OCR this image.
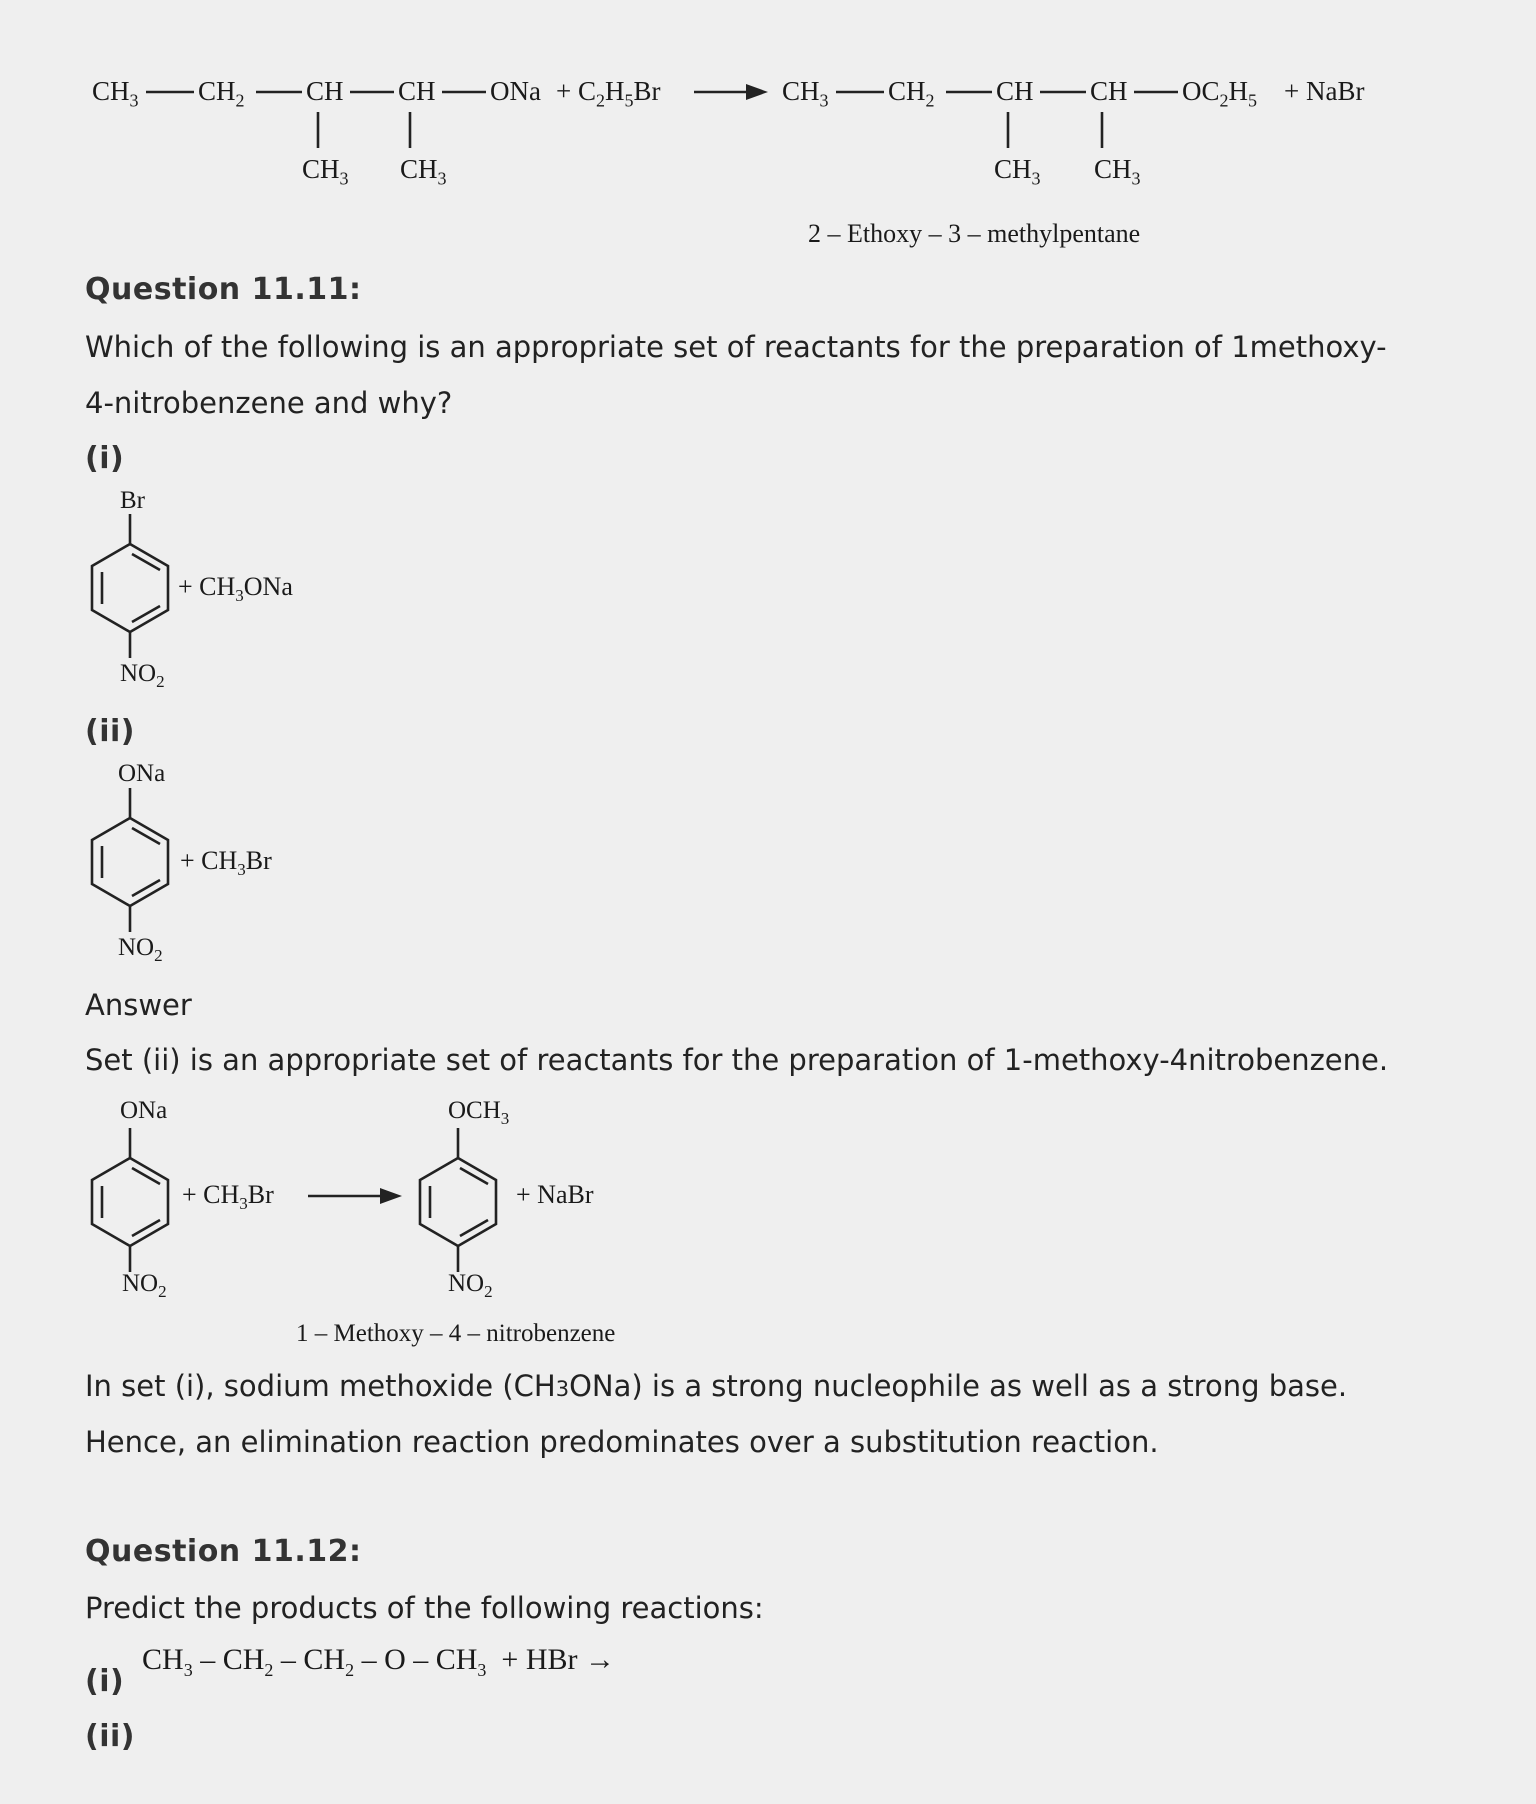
$CH_3$ $CH_2$ CH CH ONa + $C_2H_5Br$
$CH_3$ $CH_3$
$CH_3$ $CH_2$ CH CH $OC_2H_5$ + NaBr
$CH_3$ $CH_3$
2 – Ethoxy – 3 – methylpentane
Question 11.11:
Which of the following is an appropriate set of reactants for the preparation of 1methoxy-
4-nitrobenzene and why?
(i)
Br
+ $CH_3ONa$
$NO_2$
(ii)
ONa
+ $CH_3Br$
$NO_2$
Answer
Set (ii) is an appropriate set of reactants for the preparation of 1-methoxy-4nitrobenzene.
ONa
+ $CH_3Br$
$NO_2$
$OCH_3$
+ NaBr
$NO_2$
1 – Methoxy – 4 – nitrobenzene
In set (i), sodium methoxide (CH3ONa) is a strong nucleophile as well as a strong base.
Hence, an elimination reaction predominates over a substitution reaction.
Question 11.12:
Predict the products of the following reactions:
(i)
$CH_3 - CH_2 - CH_2$ – O – $CH_3$  + HBr →
(ii)
